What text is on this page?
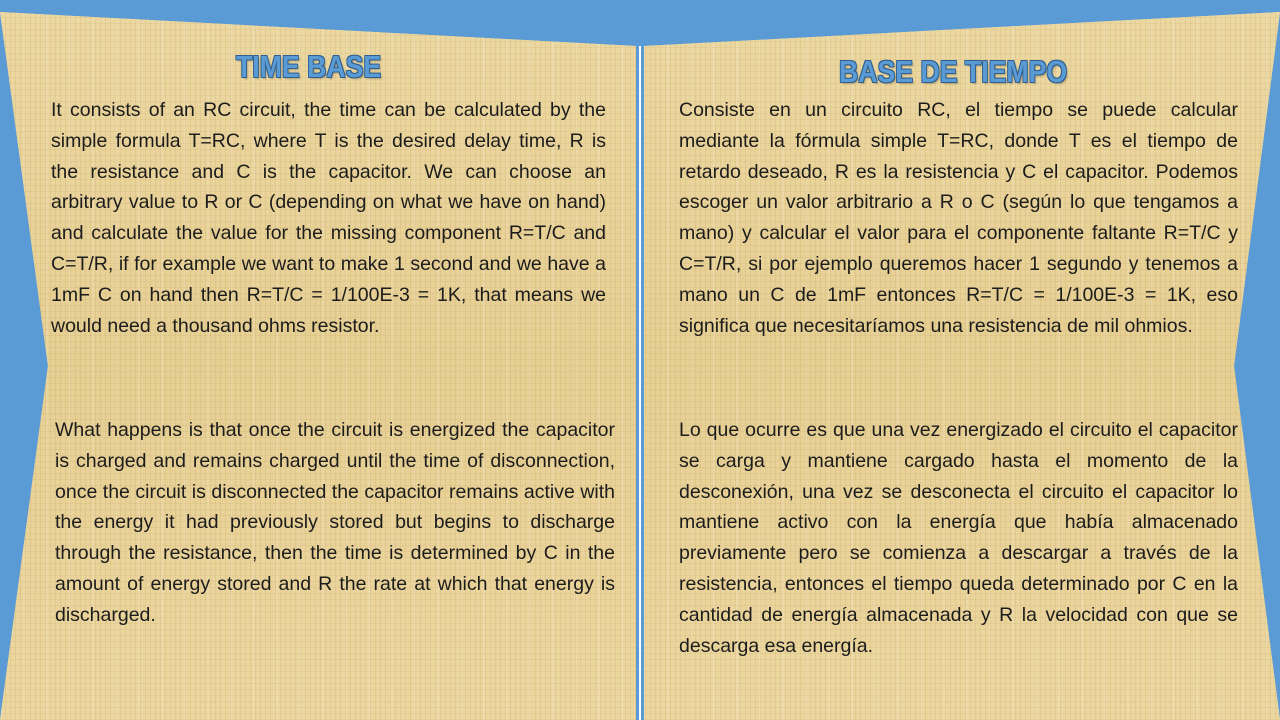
TIME BASE

It consists of an RC circuit, the time can be calculated by the simple formula T=RC, where T is the desired delay time, R is the resistance and C is the capacitor. We can choose an arbitrary value to R or C (depending on what we have on hand) and calculate the value for the missing component R=T/C and C=T/R, if for example we want to make 1 second and we have a 1mF C on hand then R=T/C = 1/100E-3 = 1K, that means we would need a thousand ohms resistor.

What happens is that once the circuit is energized the capacitor is charged and remains charged until the time of disconnection, once the circuit is disconnected the capacitor remains active with the energy it had previously stored but begins to discharge through the resistance, then the time is determined by C in the amount of energy stored and R the rate at which that energy is discharged.

BASE DE TIEMPO

Consiste en un circuito RC, el tiempo se puede calcular mediante la fórmula simple T=RC, donde T es el tiempo de retardo deseado, R es la resistencia y C el capacitor. Podemos escoger un valor arbitrario a R o C (según lo que tengamos a mano) y calcular el valor para el componente faltante R=T/C y C=T/R, si por ejemplo queremos hacer 1 segundo y tenemos a mano un C de 1mF entonces R=T/C = 1/100E-3 = 1K, eso significa que necesitaríamos una resistencia de mil ohmios.

Lo que ocurre es que una vez energizado el circuito el capacitor se carga y mantiene cargado hasta el momento de la desconexión, una vez se desconecta el circuito el capacitor lo mantiene activo con la energía que había almacenado previamente pero se comienza a descargar a través de la resistencia, entonces el tiempo queda determinado por C en la cantidad de energía almacenada y R la velocidad con que se descarga esa energía.
